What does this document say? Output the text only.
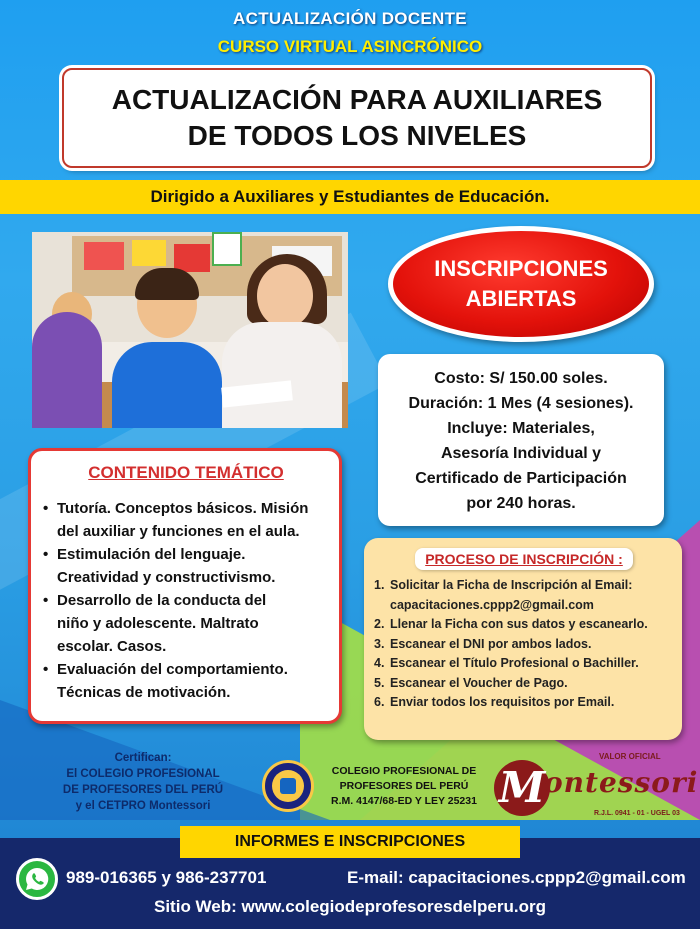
ACTUALIZACIÓN DOCENTE
CURSO VIRTUAL ASINCRÓNICO
ACTUALIZACIÓN PARA AUXILIARES
DE TODOS LOS NIVELES
Dirigido a Auxiliares y Estudiantes de Educación.
INSCRIPCIONES
ABIERTAS
Costo: S/ 150.00 soles.
Duración: 1 Mes (4 sesiones).
Incluye: Materiales,
Asesoría Individual y
Certificado de Participación
por 240 horas.
CONTENIDO TEMÁTICO
• Tutoría. Conceptos básicos. Misión
del auxiliar y funciones en el aula.
• Estimulación del lenguaje.
Creatividad y constructivismo.
• Desarrollo de la conducta del
niño y adolescente. Maltrato
escolar. Casos.
• Evaluación del comportamiento.
Técnicas de motivación.
PROCESO DE INSCRIPCIÓN :
1. Solicitar la Ficha de Inscripción al Email:
capacitaciones.cppp2@gmail.com
2. Llenar la Ficha con sus datos y escanearlo.
3. Escanear el DNI por ambos lados.
4. Escanear el Título Profesional o Bachiller.
5. Escanear el Voucher de Pago.
6. Enviar todos los requisitos por Email.
Certifican:
El COLEGIO PROFESIONAL
DE PROFESORES DEL PERÚ
y el CETPRO Montessori
COLEGIO PROFESIONAL DE
PROFESORES DEL PERÚ
R.M. 4147/68-ED Y LEY 25231
VALOR OFICIAL
M
ontessori
R.J.L. 0941 - 01 - UGEL 03
INFORMES E INSCRIPCIONES
989-016365 y 986-237701	E-mail: capacitaciones.cppp2@gmail.com
Sitio Web: www.colegiodeprofesoresdelperu.org
